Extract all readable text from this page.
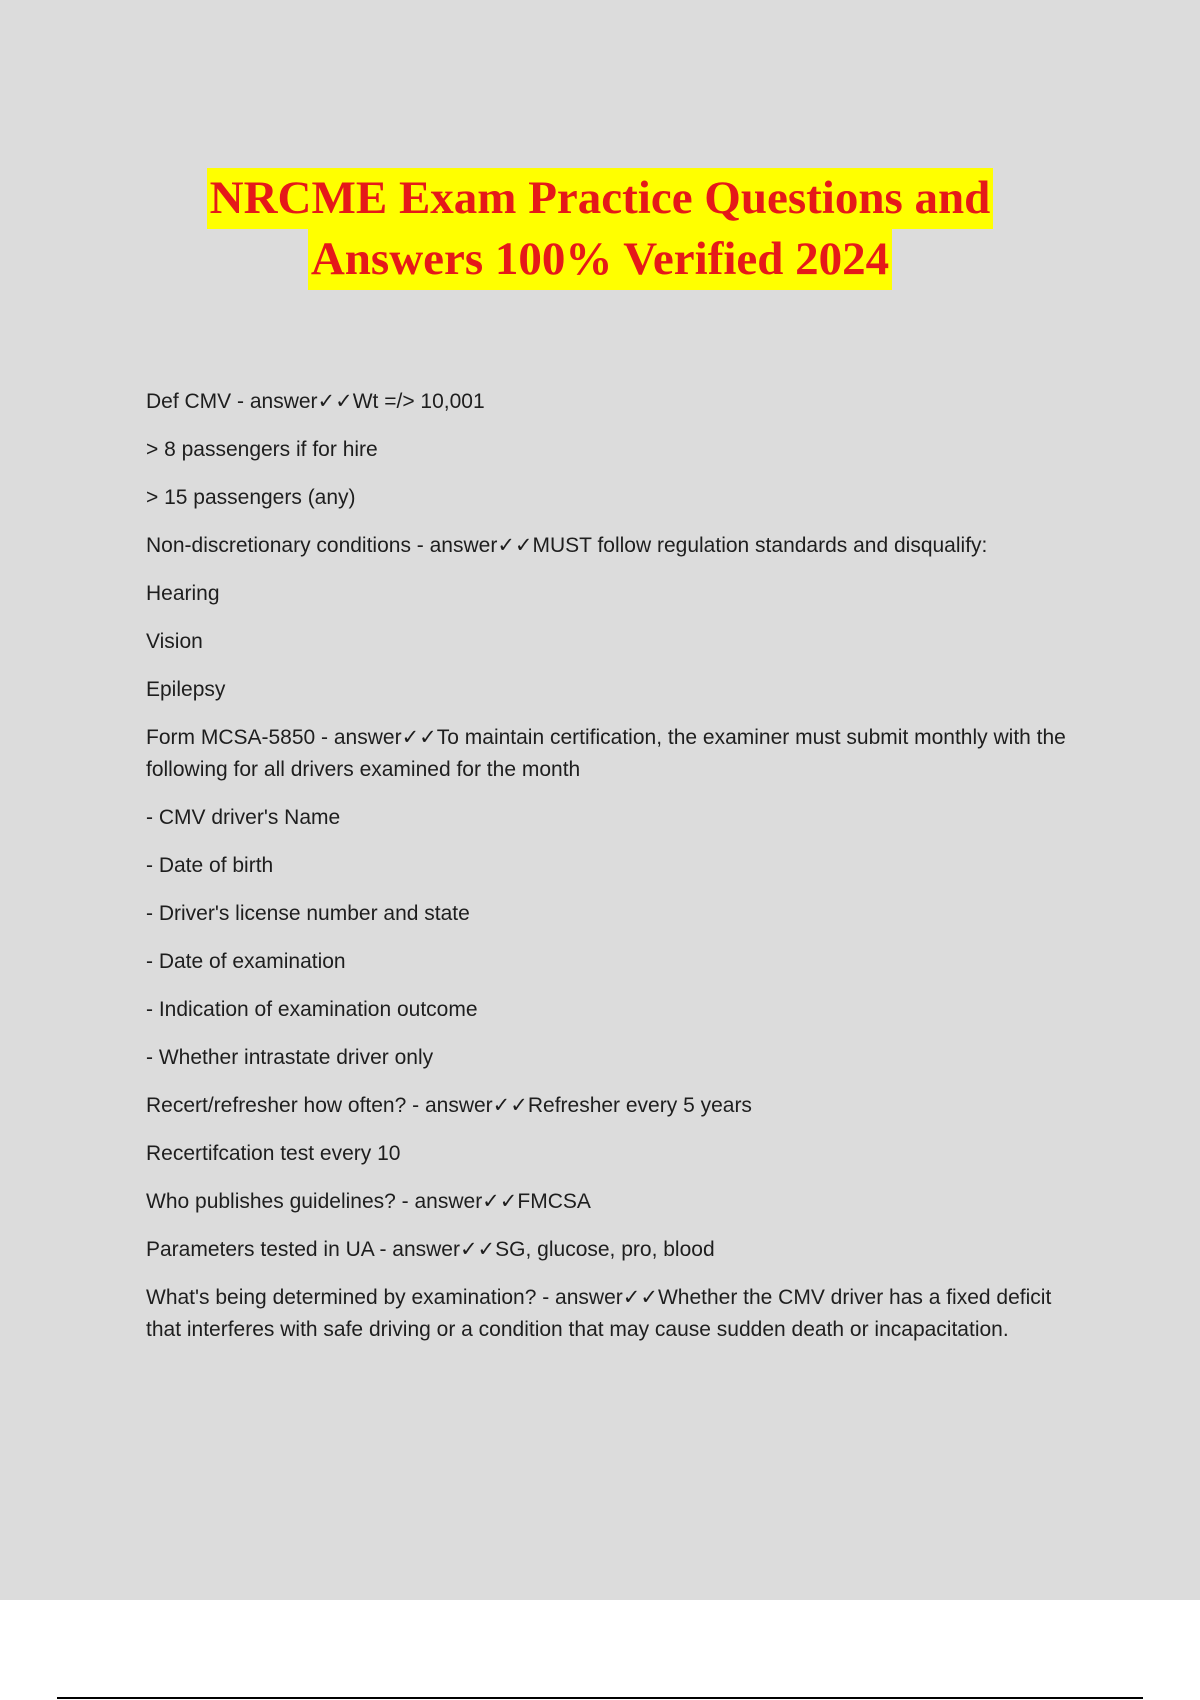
NRCME Exam Practice Questions and
Answers 100% Verified 2024

Def CMV - answer✓✓Wt =/> 10,001

> 8 passengers if for hire

> 15 passengers (any)

Non-discretionary conditions - answer✓✓MUST follow regulation standards and disqualify:

Hearing

Vision

Epilepsy

Form MCSA-5850 - answer✓✓To maintain certification, the examiner must submit monthly with the following for all drivers examined for the month

- CMV driver's Name

- Date of birth

- Driver's license number and state

- Date of examination

- Indication of examination outcome

- Whether intrastate driver only

Recert/refresher how often? - answer✓✓Refresher every 5 years

Recertifcation test every 10

Who publishes guidelines? - answer✓✓FMCSA

Parameters tested in UA - answer✓✓SG, glucose, pro, blood

What's being determined by examination? - answer✓✓Whether the CMV driver has a fixed deficit that interferes with safe driving or a condition that may cause sudden death or incapacitation.
